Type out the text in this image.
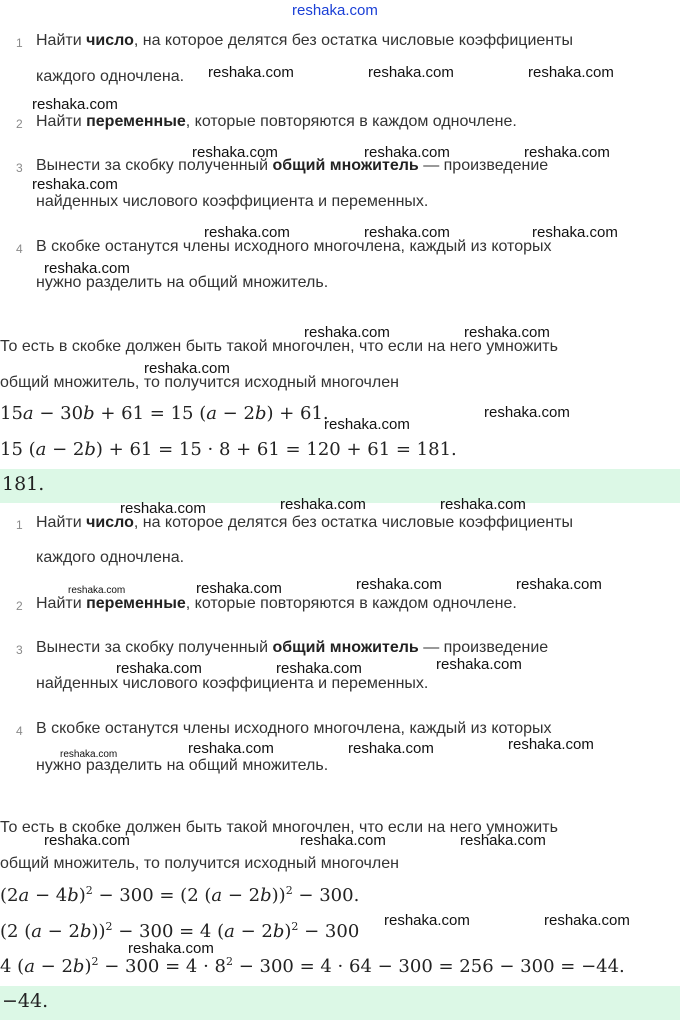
reshaka.com
1 Найти число, на которое делятся без остатка числовые коэффициенты
каждого одночлена.
2 Найти переменные, которые повторяются в каждом одночлене.
3 Вынести за скобку полученный общий множитель — произведение
найденных числового коэффициента и переменных.
4 В скобке останутся члены исходного многочлена, каждый из которых
нужно разделить на общий множитель.
То есть в скобке должен быть такой многочлен, что если на него умножить
общий множитель, то получится исходный многочлен
15a − 30b + 61 = 15 (a − 2b) + 61.
15 (a − 2b) + 61 = 15 · 8 + 61 = 120 + 61 = 181.
181.
1 Найти число, на которое делятся без остатка числовые коэффициенты
каждого одночлена.
2 Найти переменные, которые повторяются в каждом одночлене.
3 Вынести за скобку полученный общий множитель — произведение
найденных числового коэффициента и переменных.
4 В скобке останутся члены исходного многочлена, каждый из которых
нужно разделить на общий множитель.
То есть в скобке должен быть такой многочлен, что если на него умножить
общий множитель, то получится исходный многочлен
$(2a - 4b)^2 - 300 = (2$ (a − 2b))$^2$ − 300.
(2 (a − 2b))$^2$ − 300 = 4 $(a - 2b)^2 - 300$
4 $(a - 2b)^2 - 300 = 4 \cdot 8^2 - 300 = 4 \cdot 64 - 300 = 256 - 300 = -44$.
−44.
reshaka.com	reshaka.com	reshaka.com
reshaka.com
reshaka.com	reshaka.com	reshaka.com
reshaka.com
reshaka.com	reshaka.com	reshaka.com
reshaka.com
reshaka.com	reshaka.com
reshaka.com
reshaka.com
reshaka.com
reshaka.com	reshaka.com	reshaka.com
reshaka.com	reshaka.com	reshaka.com	reshaka.com
reshaka.com	reshaka.com	reshaka.com
reshaka.com	reshaka.com	reshaka.com	reshaka.com
reshaka.com	reshaka.com	reshaka.com
reshaka.com	reshaka.com
reshaka.com
